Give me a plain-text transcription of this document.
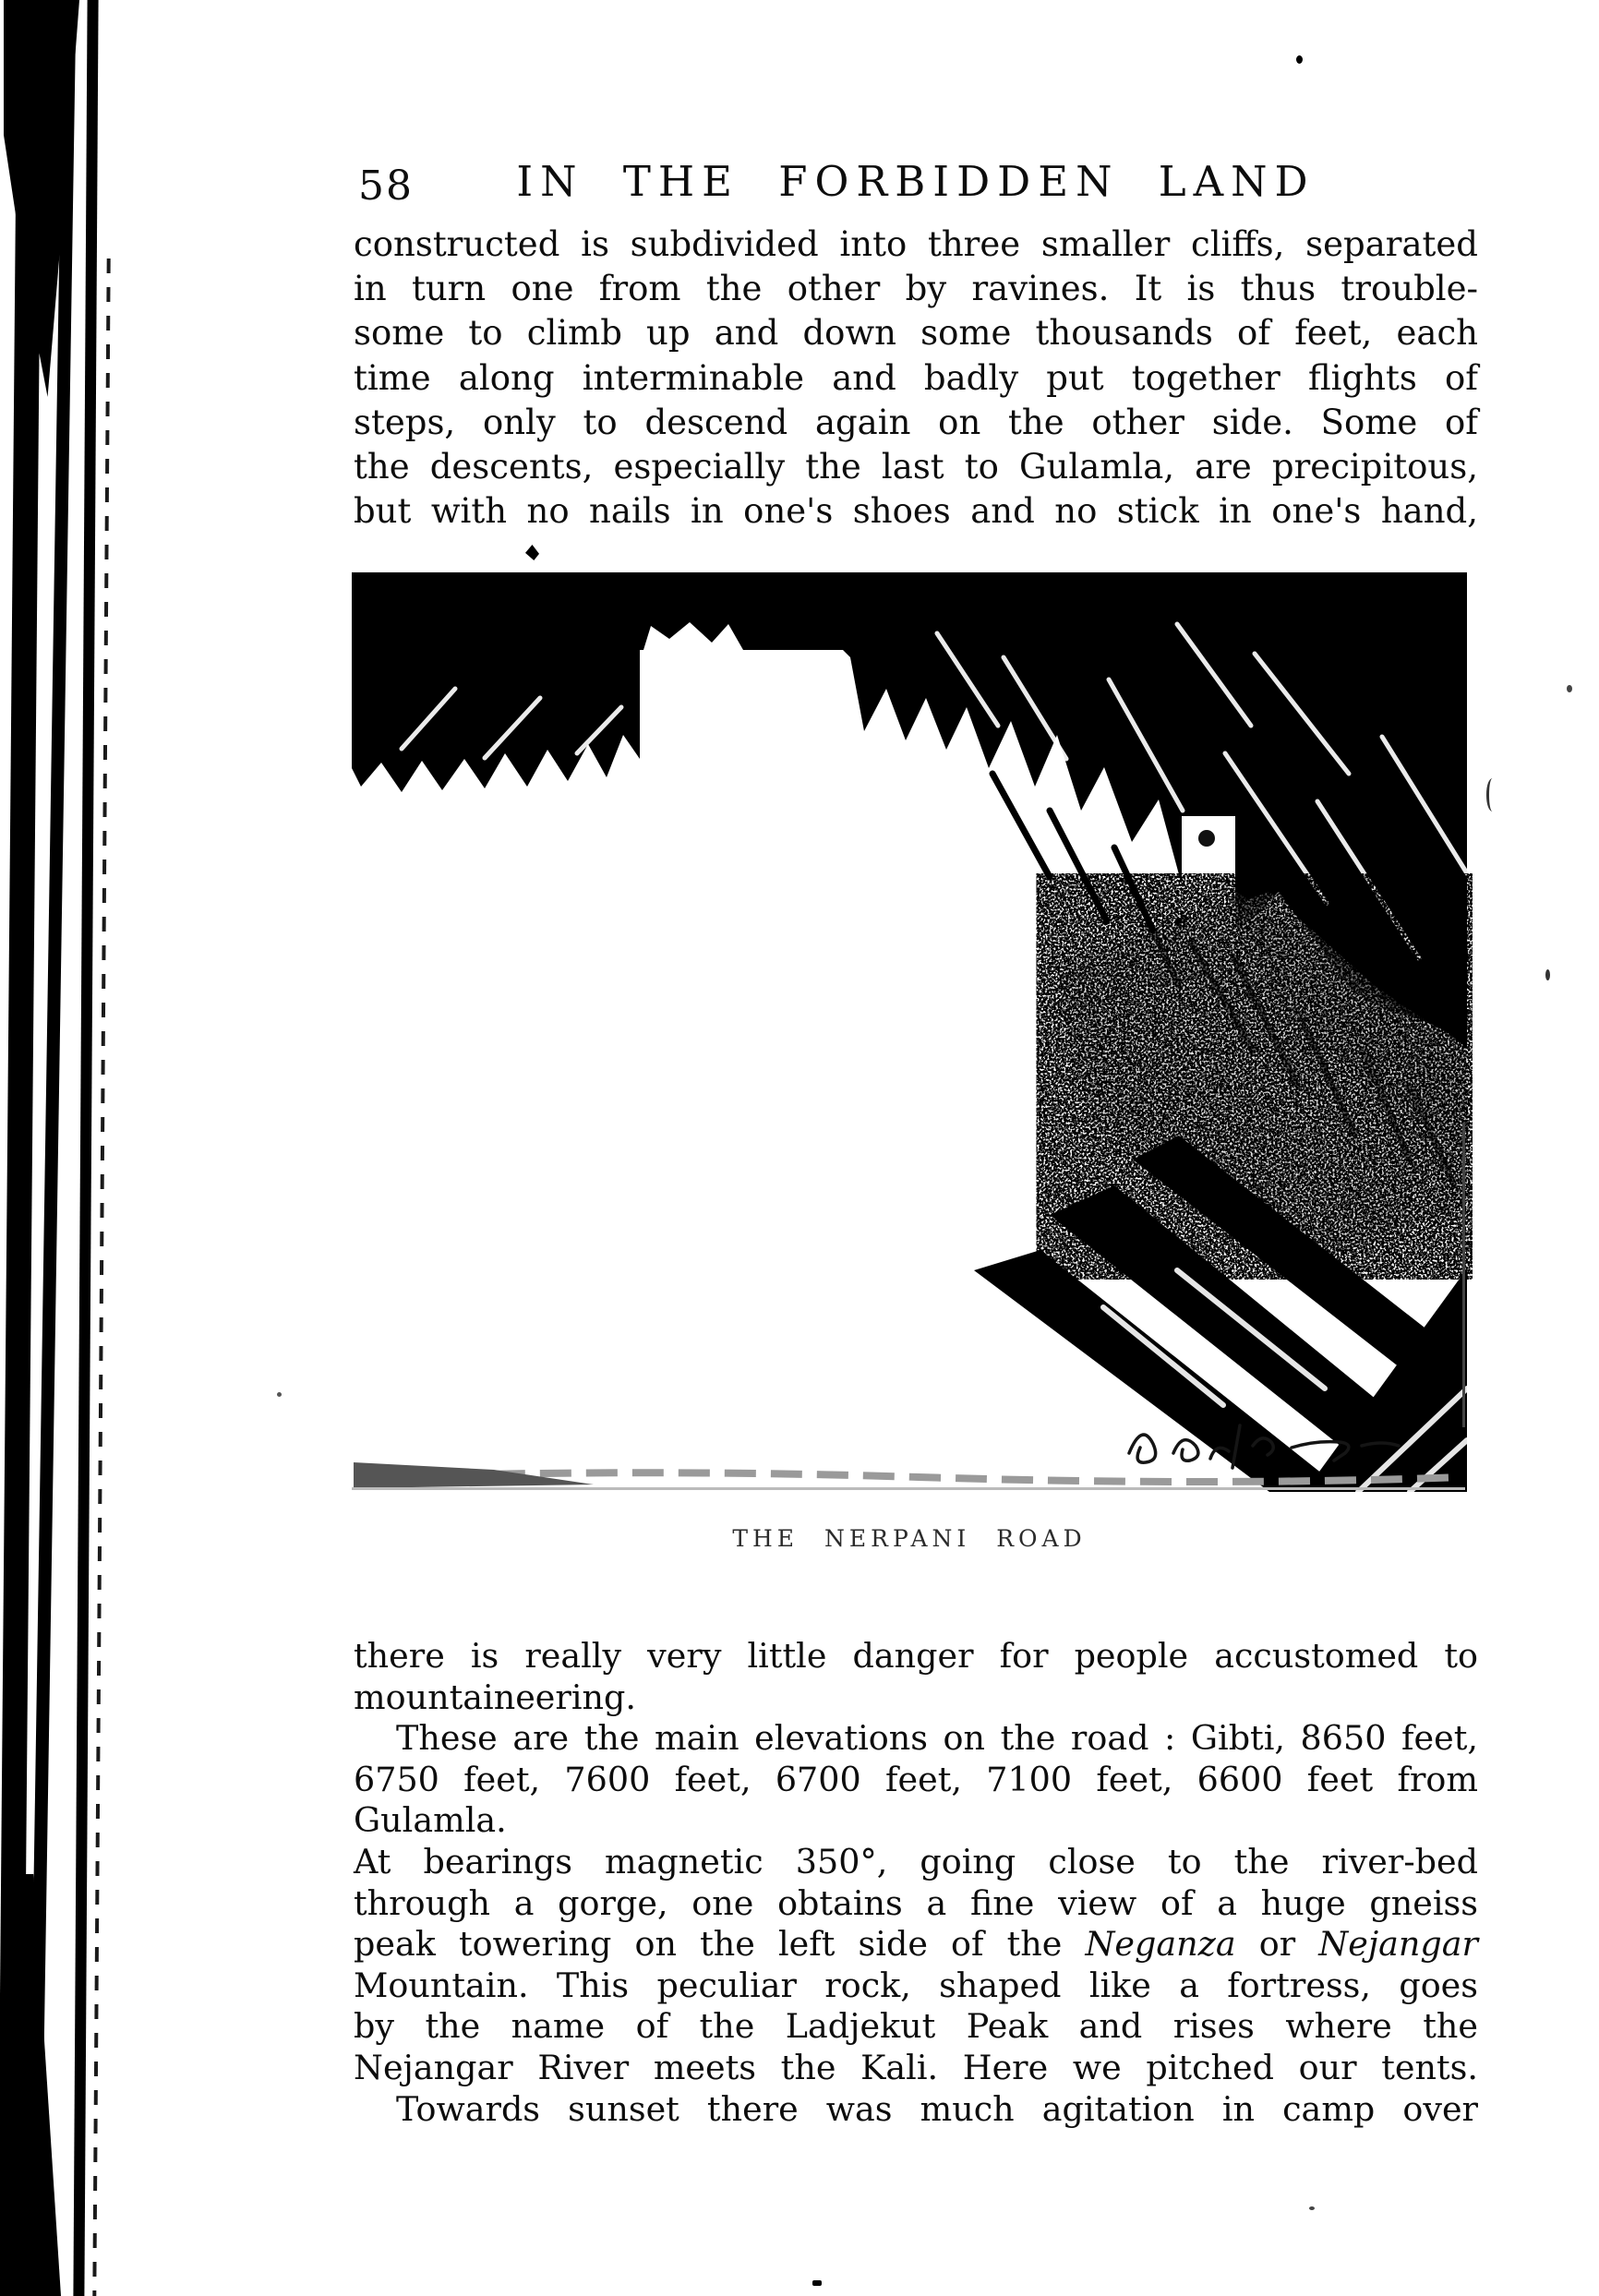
58	IN THE FORBIDDEN LAND
constructed is subdivided into three smaller cliffs, separated
in turn one from the other by ravines. It is thus trouble-
some to climb up and down some thousands of feet, each
time along interminable and badly put together flights of
steps, only to descend again on the other side. Some of
the descents, especially the last to Gulamla, are precipitous,
but with no nails in one's shoes and no stick in one's hand,
THE NERPANI ROAD
there is really very little danger for people accustomed to
mountaineering.
These are the main elevations on the road : Gibti, 8650 feet,
6750 feet, 7600 feet, 6700 feet, 7100 feet, 6600 feet from Gulamla.
At bearings magnetic 350°, going close to the river-bed
through a gorge, one obtains a fine view of a huge gneiss
peak towering on the left side of the Neganza or Nejangar
Mountain. This peculiar rock, shaped like a fortress, goes
by the name of the Ladjekut Peak and rises where the
Nejangar River meets the Kali. Here we pitched our tents.
Towards sunset there was much agitation in camp over
